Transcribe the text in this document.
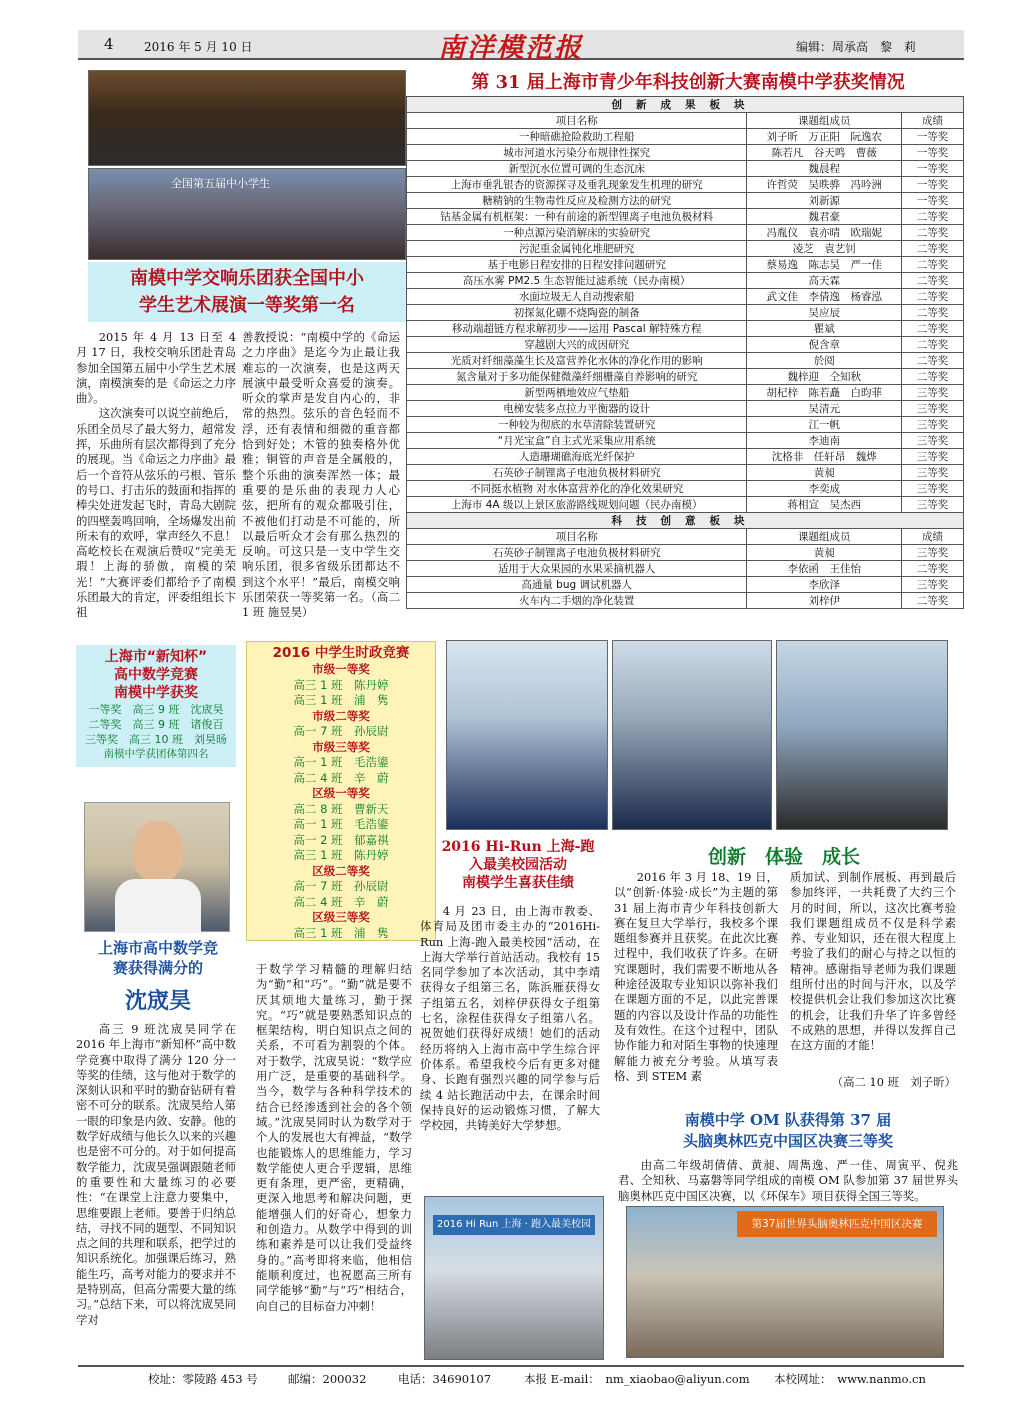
4	2016 年 5 月 10 日	编辑：周承高　黎　莉
南洋模范报
全国第五届中小学生
南模中学交响乐团获全国中小
学生艺术展演一等奖第一名

2015 年 4 月 13 日至 4 月 17 日，我校交响乐团赴青岛参加全国第五届中小学生艺术展演，南模演奏的是《命运之力序曲》。

这次演奏可以说空前绝后，乐团全员尽了最大努力，超常发挥，乐曲所有层次都得到了充分的展现。当《命运之力序曲》最后一个音符从弦乐的弓根、管乐的号口、打击乐的鼓面和指挥的棒尖处迸发起飞时，青岛大剧院的四壁轰鸣回响，全场爆发出前所未有的欢呼，掌声经久不息！高屹校长在观演后赞叹“完美无瑕！上海的骄傲，南模的荣光！”大赛评委们都给予了南模乐团最大的肯定，评委组组长卞祖

善教授说：“南模中学的《命运之力序曲》是迄今为止最让我难忘的一次演奏，也是这两天展演中最受听众喜爱的演奏。听众的掌声是发自内心的，非常的热烈。弦乐的音色轻而不浮，还有表情和细微的重音都恰到好处；木管的独奏格外优雅；铜管的声音是全属般的，整个乐曲的演奏浑然一体；最重要的是乐曲的表现力人心弦，把所有的观众都吸引住，不被他们打动是不可能的，所以最后听众才会有那么热烈的反响。可这只是一支中学生交响乐团，很多省级乐团都达不到这个水平！”最后，南模交响乐团荣获一等奖第一名。（高二 1 班 施昱昊）
第 31 届上海市青少年科技创新大赛南模中学获奖情况
创新成果板块		
项目名称	课题组成员	成绩
一种暗礁抢险救助工程船	刘子昕　万正阳　阮逸农	一等奖
城市河道水污染分布规律性探究	陈若凡　谷天鸣　曹薇	一等奖
新型沉水位置可调的生态沉床	魏晨程	一等奖
上海市垂乳银杏的资源探寻及垂乳现象发生机理的研究	许哲荧　吴昳骅　冯吟洲	一等奖
糖精钠的生物毒性反应及检测方法的研究	刘新源	一等奖
钴基金属有机框架：一种有前途的新型锂离子电池负极材料	魏君豪	二等奖
一种点源污染消解床的实验研究	冯胤仪　袁亦晴　欧瑞妮	二等奖
污泥重金属钝化堆肥研究	凌芝　袁艺钊	二等奖
基于电影日程安排的日程安排问题研究	蔡易逸　陈志昊　严一佳	二等奖
高压水雾 PM2.5 生态智能过滤系统（民办南模）	高天霖	二等奖
水面垃圾无人自动搜索船	武文佳　李倩逸　杨睿泓	二等奖
初探氮化硼不烧陶瓷的制备	吴应辰	二等奖
移动端超链方程求解初步——运用 Pascal 解特殊方程	瞿斌	二等奖
穿越剧大兴的成因研究	倪含章	二等奖
光质对纤细藻藻生长及富营养化水体的净化作用的影响	於阅	二等奖
氮含量对于多功能保健微藻纤细栅藻自养影响的研究	魏梓迎　仝知秋	二等奖
新型两栖地效应气垫船	胡杞梓　陈若矗　白昀菲	三等奖
电梯安装多点拉力平衡器的设计	吴清元	三等奖
一种较为彻底的水草清除装置研究	江一帆	三等奖
“月光宝盒”自主式光采集应用系统	李迪南	三等奖
人造珊瑚礁海底光纤保护	沈格非　任轩昂　魏烨	三等奖
石英砂子制锂离子电池负极材料研究	黄昶	三等奖
不同挺水植物 对水体富营养化的净化效果研究	李奕成	三等奖
上海市 4A 级以上景区旅游路线规划问题（民办南模）	蒋相宣　吴杰西	三等奖
科技创意板块		
项目名称	课题组成员	成绩
石英砂子制锂离子电池负极材料研究	黄昶	三等奖
适用于大众果园的水果采摘机器人	李依函　王佳怡	二等奖
高通量 bug 调试机器人	李欣泽	三等奖
火车内二手烟的净化装置	刘梓伊	二等奖
上海市“新知杯”
高中数学竞赛
南模中学获奖
一等奖　高三 9 班　沈宬昊
二等奖　高三 9 班　诸俊百
三等奖　高三 10 班　刘昊旸
南模中学获团体第四名
2016 中学生时政竞赛
市级一等奖
高三 1 班　陈丹婷
高三 1 班　浦　隽
市级二等奖
高一 7 班　孙辰尉
市级三等奖
高一 1 班　毛浩鎏
高二 4 班　辛　蔚
区级一等奖
高二 8 班　曹新天
高一 1 班　毛浩鎏
高一 2 班　郁嘉祺
高三 1 班　陈丹婷
区级二等奖
高一 7 班　孙辰尉
高二 4 班　辛　蔚
区级三等奖
高三 1 班　浦　隽
上海市高中数学竞
赛获得满分的
沈宬昊
高三 9 班沈宬昊同学在 2016 年上海市“新知杯”高中数学竞赛中取得了满分 120 分一等奖的佳绩，这与他对于数学的深刻认识和平时的勤奋钻研有着密不可分的联系。沈宬昊给人第一眼的印象是内敛、安静。他的数学好成绩与他长久以来的兴趣也是密不可分的。对于如何提高数学能力，沈宬昊强调跟随老师的重要性和大量练习的必要性：“在课堂上注意力要集中，思维要跟上老师。要善于归纳总结，寻找不同的题型、不同知识点之间的共理和联系，把学过的知识系统化。加强课后练习，熟能生巧，高考对能力的要求并不是特别高，但高分需要大量的练习。”总结下来，可以将沈宬昊同学对
于数学学习精髓的理解归结为“勤”和“巧”。“勤”就是要不厌其烦地大量练习，勤于探究。“巧”就是要熟悉知识点的框架结构，明白知识点之间的关系，不可看为割裂的个体。对于数学，沈宬昊说：“数学应用广泛，是重要的基础科学。当今，数学与各种科学技术的结合已经渗透到社会的各个领域。”沈宬昊同时认为数学对于个人的发展也大有裨益，“数学也能锻炼人的思维能力，学习数学能使人更合乎逻辑，思维更有条理，更严密，更精确，更深入地思考和解决问题，更能增强人们的好奇心，想象力和创造力。从数学中得到的训练和素养是可以让我们受益终身的。”高考即将来临，他相信能顺利度过，也祝愿高三所有同学能够“勤”与“巧”相结合，向自己的目标奋力冲刺！
2016 Hi-Run 上海-跑
入最美校园活动
南模学生喜获佳绩
4 月 23 日，由上海市教委、体育局及团市委主办的“2016Hi-Run 上海-跑入最美校园”活动，在上海大学举行首站活动。我校有 15 名同学参加了本次活动，其中李靖获得女子组第三名，陈浜雁获得女子组第五名，刘梓伊获得女子组第七名，涂程佳获得女子组第八名。祝贺她们获得好成绩！她们的活动经历将纳入上海市高中学生综合评价体系。希望我校今后有更多对健身、长跑有强烈兴趣的同学参与后续 4 站长跑活动中去，在课余时间保持良好的运动锻炼习惯，了解大学校园，共铸美好大学梦想。
2016 Hi Run 上海 · 跑入最美校园
创新　体验　成长
2016 年 3 月 18、19 日，以“创新·体验·成长”为主题的第 31 届上海市青少年科技创新大赛在复旦大学举行，我校多个课题组参赛并且获奖。在此次比赛过程中，我们收获了许多。在研究课题时，我们需要不断地从各种途径汲取专业知识以弥补我们在课题方面的不足，以此完善课题的内容以及设计作品的功能性及有效性。在这个过程中，团队协作能力和对陌生事物的快速理解能力被充分考验。从填写表格、到 STEM 素
质加试、到制作展板、再到最后参加终评，一共耗费了大约三个月的时间，所以，这次比赛考验我们课题组成员不仅是科学素养、专业知识，还在很大程度上考验了我们的耐心与持之以恒的精神。感谢指导老师为我们课题组所付出的时间与汗水，以及学校提供机会让我们参加这次比赛的机会，让我们升华了许多曾经不成熟的思想，并得以发挥自己在这方面的才能！
（高二 10 班　刘子昕）
南模中学 OM 队获得第 37 届
头脑奥林匹克中国区决赛三等奖
由高二年级胡倩倩、黄昶、周雋逸、严一佳、周寅平、倪兆君、仝知秋、马嘉磐等同学组成的南模 OM 队参加第 37 届世界头脑奥林匹克中国区决赛，以《环保车》项目获得全国三等奖。
第37届世界头脑奥林匹克中国区决赛
校址：零陵路 453 号	邮编：200032	电话：34690107	本报 E-mail：　nm_xiaobao@aliyun.com 本校网址：　www.nanmo.cn
